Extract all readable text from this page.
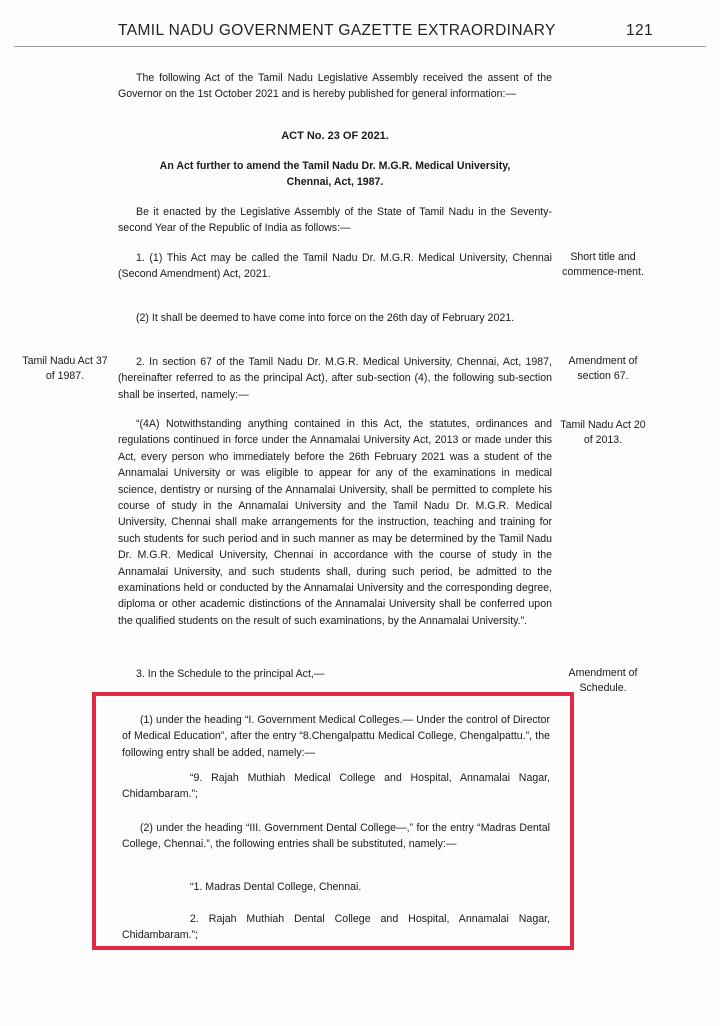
TAMIL NADU GOVERNMENT GAZETTE EXTRAORDINARY	121

The following Act of the Tamil Nadu Legislative Assembly received the assent of the Governor on the 1st October 2021 and is hereby published for general information:—

ACT No. 23 OF 2021.

An Act further to amend the Tamil Nadu Dr. M.G.R. Medical University, Chennai, Act, 1987.

Be it enacted by the Legislative Assembly of the State of Tamil Nadu in the Seventy-second Year of the Republic of India as follows:—

1. (1) This Act may be called the Tamil Nadu Dr. M.G.R. Medical University, Chennai (Second Amendment) Act, 2021.

(2) It shall be deemed to have come into force on the 26th day of February 2021.

2. In section 67 of the Tamil Nadu Dr. M.G.R. Medical University, Chennai, Act, 1987, (hereinafter referred to as the principal Act), after sub-section (4), the following sub-section shall be inserted, namely:—

“(4A) Notwithstanding anything contained in this Act, the statutes, ordinances and regulations continued in force under the Annamalai University Act, 2013 or made under this Act, every person who immediately before the 26th February 2021 was a student of the Annamalai University or was eligible to appear for any of the examinations in medical science, dentistry or nursing of the Annamalai University, shall be permitted to complete his course of study in the Annamalai University and the Tamil Nadu Dr. M.G.R. Medical University, Chennai shall make arrangements for the instruction, teaching and training for such students for such period and in such manner as may be determined by the Tamil Nadu Dr. M.G.R. Medical University, Chennai in accordance with the course of study in the Annamalai University, and such students shall, during such period, be admitted to the examinations held or conducted by the Annamalai University and the corresponding degree, diploma or other academic distinctions of the Annamalai University shall be conferred upon the qualified students on the result of such examinations, by the Annamalai University.”.

3. In the Schedule to the principal Act,—

(1) under the heading “I. Government Medical Colleges.— Under the control of Director of Medical Education”, after the entry “8.Chengalpattu Medical College, Chengalpattu.”, the following entry shall be added, namely:—

“9. Rajah Muthiah Medical College and Hospital, Annamalai Nagar, Chidambaram.”;

(2) under the heading “III. Government Dental College—,” for the entry “Madras Dental College, Chennai.”, the following entries shall be substituted, namely:—

“1. Madras Dental College, Chennai.

2. Rajah Muthiah Dental College and Hospital, Annamalai Nagar, Chidambaram.”;

Short title and commence-ment.
Tamil Nadu Act 37 of 1987.
Amendment of section 67.
Tamil Nadu Act 20 of 2013.
Amendment of Schedule.
